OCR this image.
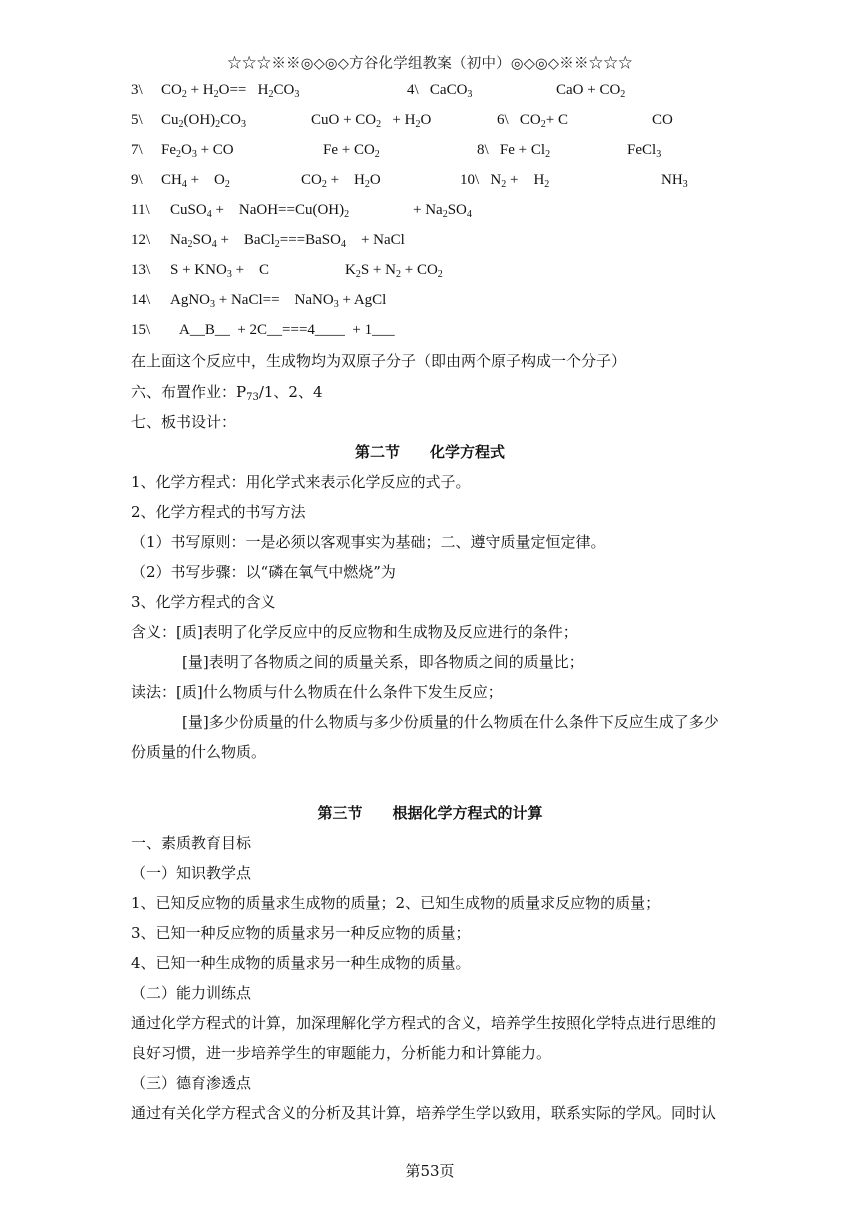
☆☆☆※※◎◇◎◇方谷化学组教案（初中）◎◇◎◇※※☆☆☆
3\ $CO_2 + H_2O== H_2CO_3$	4\   CaCO$_3$	CaO + $CO_2$
5\ $Cu_2(OH)_2CO_3$	CuO + $CO_2 + H_2O$	6\   $CO_2+ C$	CO
7\ $Fe_2O_3$ + CO	$Fe + CO_2$	8\   $Fe + Cl_2$	FeCl$_3$
9\ $CH_4$ +    $O_2$	$CO_2$ +    $H_2O$	10\   $N_2$ +    $H_2$	$NH_3$
11\ CuSO$_4$ +    $NaOH==Cu(OH)_2$	+ $Na_2SO_4$
12\ $Na_2SO_4$ +    BaCl$_2$===BaSO$_4$    + NaCl
13\ $S + KNO_3$ +    C	$K_2S + N_2 + CO_2$
14\ AgNO$_3$ + NaCl==    NaNO$_3$ + AgCl
15\ A__B__  + 2C__===4____  + 1___
在上面这个反应中，生成物均为双原子分子（即由两个原子构成一个分子）
六、布置作业：$P_{73}/1$、2、4
七、板书设计：
第二节　　化学方程式
1、化学方程式：用化学式来表示化学反应的式子。
2、化学方程式的书写方法
（1）书写原则：一是必须以客观事实为基础；二、遵守质量定恒定律。
（2）书写步骤：以“磷在氧气中燃烧”为
3、化学方程式的含义
含义：[质]表明了化学反应中的反应物和生成物及反应进行的条件；
[量]表明了各物质之间的质量关系，即各物质之间的质量比；
读法：[质]什么物质与什么物质在什么条件下发生反应；
[量]多少份质量的什么物质与多少份质量的什么物质在什么条件下反应生成了多少
份质量的什么物质。
第三节　　根据化学方程式的计算
一、素质教育目标
（一）知识教学点
1、已知反应物的质量求生成物的质量；2、已知生成物的质量求反应物的质量；
3、已知一种反应物的质量求另一种反应物的质量；
4、已知一种生成物的质量求另一种生成物的质量。
（二）能力训练点
通过化学方程式的计算，加深理解化学方程式的含义，培养学生按照化学特点进行思维的
良好习惯，进一步培养学生的审题能力，分析能力和计算能力。
（三）德育渗透点
通过有关化学方程式含义的分析及其计算，培养学生学以致用，联系实际的学风。同时认
第53页
